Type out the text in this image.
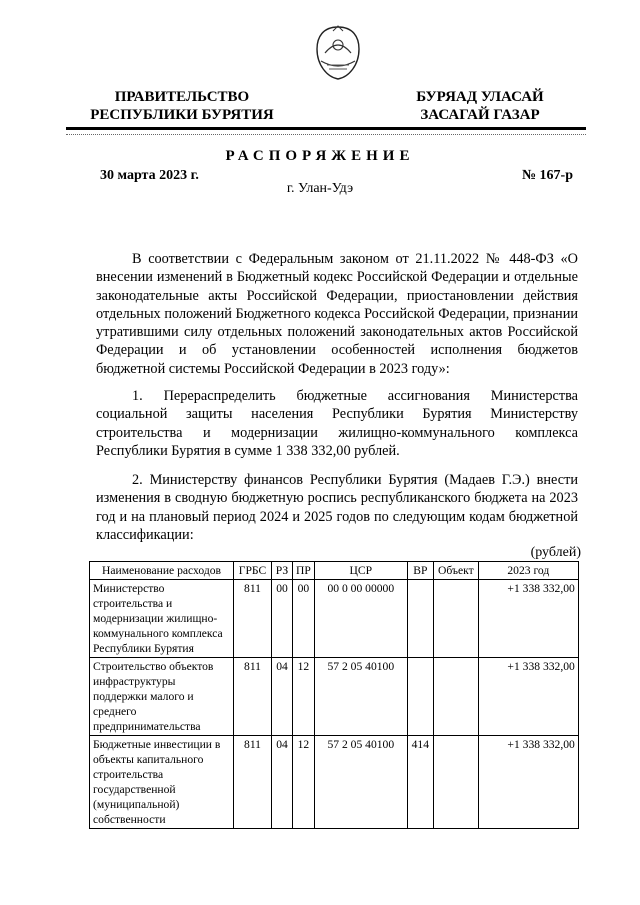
ПРАВИТЕЛЬСТВО
РЕСПУБЛИКИ БУРЯТИЯ
БУРЯАД УЛАСАЙ
ЗАСАГАЙ ГАЗАР
РАСПОРЯЖЕНИЕ
30 марта 2023 г.	№ 167-р
г. Улан-Удэ

В соответствии с Федеральным законом от 21.11.2022 № 448-ФЗ «О внесении изменений в Бюджетный кодекс Российской Федерации и отдельные законодательные акты Российской Федерации, приостановлении действия отдельных положений Бюджетного кодекса Российской Федерации, признании утратившими силу отдельных положений законодательных актов Российской Федерации и об установлении особенностей исполнения бюджетов бюджетной системы Российской Федерации в 2023 году»:

1. Перераспределить бюджетные ассигнования Министерства социальной защиты населения Республики Бурятия Министерству строительства и модернизации жилищно-коммунального комплекса Республики Бурятия в сумме 1 338 332,00 рублей.

2. Министерству финансов Республики Бурятия (Мадаев Г.Э.) внести изменения в сводную бюджетную роспись республиканского бюджета на 2023 год и на плановый период 2024 и 2025 годов по следующим кодам бюджетной классификации:

(рублей)
Наименование расходов	ГРБС	РЗ	ПР	ЦСР	ВР	Объект	2023 год
Министерство строительства и модернизации жилищно-коммунального комплекса Республики Бурятия	811	00	00	00 0 00 00000			+1 338 332,00
Строительство объектов инфраструктуры поддержки малого и среднего предпринимательства	811	04	12	57 2 05 40100			+1 338 332,00
Бюджетные инвестиции в объекты капитального строительства государственной (муниципальной) собственности	811	04	12	57 2 05 40100	414		+1 338 332,00
